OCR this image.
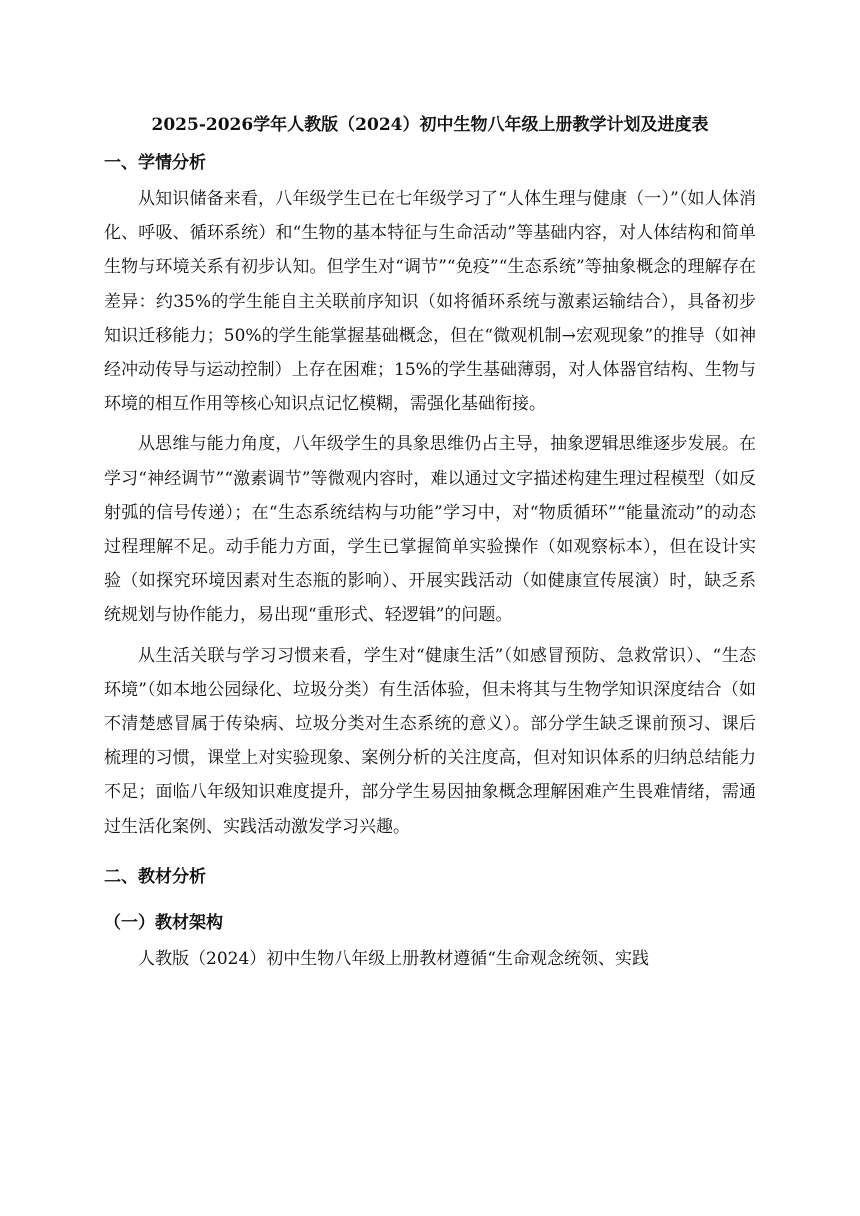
2025-2026学年人教版（2024）初中生物八年级上册教学计划及进度表
一、学情分析

从知识储备来看，八年级学生已在七年级学习了“人体生理与健康（一）”（如人体消化、呼吸、循环系统）和“生物的基本特征与生命活动”等基础内容，对人体结构和简单生物与环境关系有初步认知。但学生对“调节”“免疫”“生态系统”等抽象概念的理解存在差异：约35%的学生能自主关联前序知识（如将循环系统与激素运输结合），具备初步知识迁移能力；50%的学生能掌握基础概念，但在“微观机制→宏观现象”的推导（如神经冲动传导与运动控制）上存在困难；15%的学生基础薄弱，对人体器官结构、生物与环境的相互作用等核心知识点记忆模糊，需强化基础衔接。

从思维与能力角度，八年级学生的具象思维仍占主导，抽象逻辑思维逐步发展。在学习“神经调节”“激素调节”等微观内容时，难以通过文字描述构建生理过程模型（如反射弧的信号传递）；在“生态系统结构与功能”学习中，对“物质循环”“能量流动”的动态过程理解不足。动手能力方面，学生已掌握简单实验操作（如观察标本），但在设计实验（如探究环境因素对生态瓶的影响）、开展实践活动（如健康宣传展演）时，缺乏系统规划与协作能力，易出现“重形式、轻逻辑”的问题。

从生活关联与学习习惯来看，学生对“健康生活”（如感冒预防、急救常识）、“生态环境”（如本地公园绿化、垃圾分类）有生活体验，但未将其与生物学知识深度结合（如不清楚感冒属于传染病、垃圾分类对生态系统的意义）。部分学生缺乏课前预习、课后梳理的习惯，课堂上对实验现象、案例分析的关注度高，但对知识体系的归纳总结能力不足；面临八年级知识难度提升，部分学生易因抽象概念理解困难产生畏难情绪，需通过生活化案例、实践活动激发学习兴趣。

二、教材分析
（一）教材架构

人教版（2024）初中生物八年级上册教材遵循“生命观念统领、实践
